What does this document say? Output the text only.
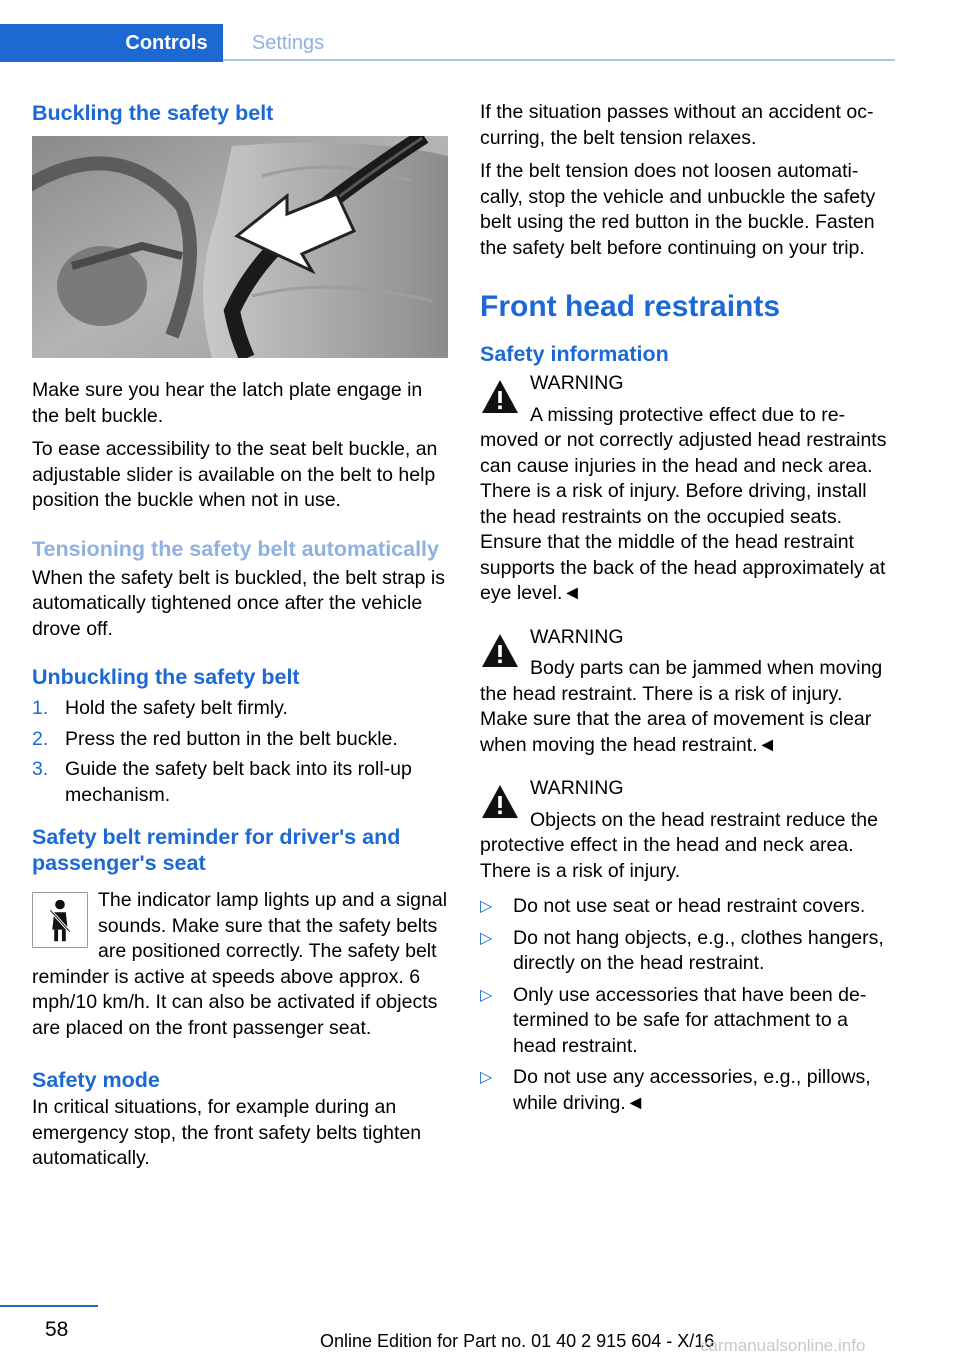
Controls	Settings
Buckling the safety belt

Make sure you hear the latch plate engage in the belt buckle.

To ease accessibility to the seat belt buckle, an adjustable slider is available on the belt to help position the buckle when not in use.

Tensioning the safety belt automatically

When the safety belt is buckled, the belt strap is automatically tightened once after the vehicle drove off.

Unbuckling the safety belt
1. Hold the safety belt firmly.
2. Press the red button in the belt buckle.
3. Guide the safety belt back into its roll-up mechanism.
Safety belt reminder for driver's and passenger's seat

The indicator lamp lights up and a signal sounds. Make sure that the safety belts are positioned correctly. The safety belt reminder is active at speeds above approx. 6 mph/10 km/h. It can also be activated if objects are placed on the front passenger seat.

Safety mode

In critical situations, for example during an emergency stop, the front safety belts tighten automatically.

If the situation passes without an accident occurring, the belt tension relaxes.

If the belt tension does not loosen automatically, stop the vehicle and unbuckle the safety belt using the red button in the buckle. Fasten the safety belt before continuing on your trip.

Front head restraints
Safety information
WARNING
A missing protective effect due to removed or not correctly adjusted head restraints can cause injuries in the head and neck area. There is a risk of injury. Before driving, install the head restraints on the occupied seats. Ensure that the middle of the head restraint supports the back of the head approximately at eye level.◄
WARNING
Body parts can be jammed when moving the head restraint. There is a risk of injury. Make sure that the area of movement is clear when moving the head restraint.◄
WARNING
Objects on the head restraint reduce the protective effect in the head and neck area. There is a risk of injury.
▷ Do not use seat or head restraint covers.
▷ Do not hang objects, e.g., clothes hangers, directly on the head restraint.
▷ Only use accessories that have been determined to be safe for attachment to a head restraint.
▷ Do not use any accessories, e.g., pillows, while driving.◄
58	Online Edition for Part no. 01 40 2 915 604 - X/16
carmanualsonline.info
